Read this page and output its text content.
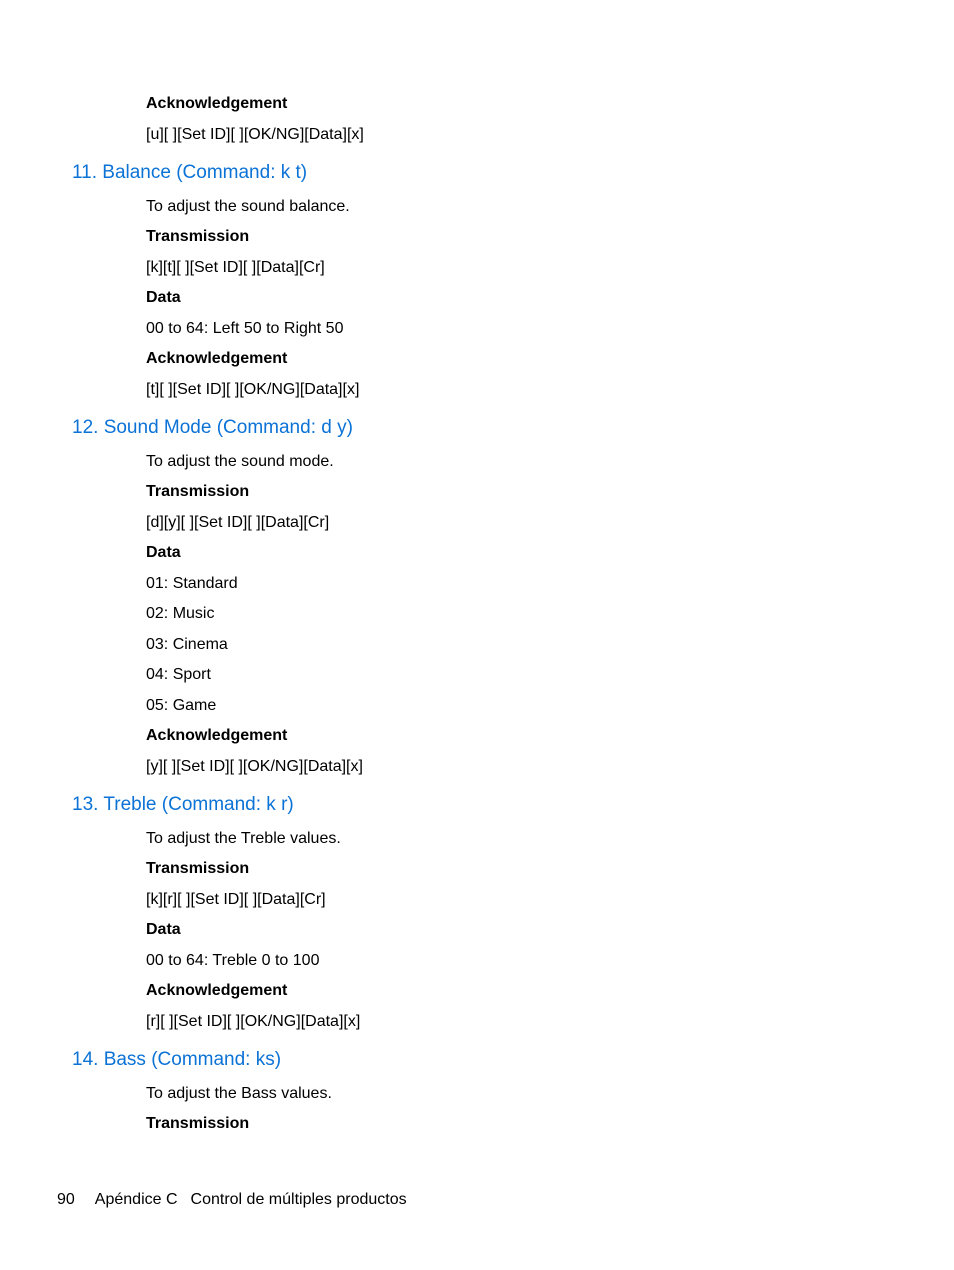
Acknowledgement
[u][ ][Set ID][ ][OK/NG][Data][x]
11. Balance (Command: k t)
To adjust the sound balance.
Transmission
[k][t][ ][Set ID][ ][Data][Cr]
Data
00 to 64: Left 50 to Right 50
Acknowledgement
[t][ ][Set ID][ ][OK/NG][Data][x]
12. Sound Mode (Command: d y)
To adjust the sound mode.
Transmission
[d][y][ ][Set ID][ ][Data][Cr]
Data
01: Standard
02: Music
03: Cinema
04: Sport
05: Game
Acknowledgement
[y][ ][Set ID][ ][OK/NG][Data][x]
13. Treble (Command: k r)
To adjust the Treble values.
Transmission
[k][r][ ][Set ID][ ][Data][Cr]
Data
00 to 64: Treble 0 to 100
Acknowledgement
[r][ ][Set ID][ ][OK/NG][Data][x]
14. Bass (Command: ks)
To adjust the Bass values.
Transmission
90 Apéndice C Control de múltiples productos
